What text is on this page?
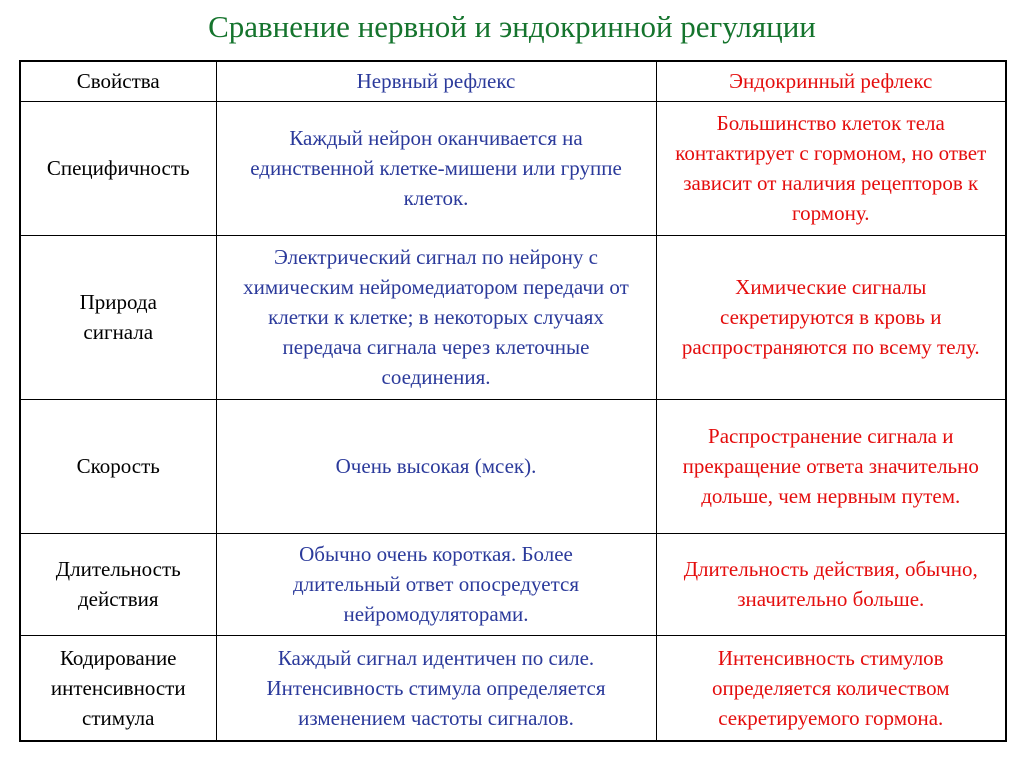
Сравнение нервной и эндокринной регуляции
Свойства	Нервный рефлекс	Эндокринный рефлекс
Специфичность	Каждый нейрон оканчивается на единственной клетке-мишени или группе клеток.	Большинство клеток тела контактирует с гормоном, но ответ зависит от наличия рецепторов к гормону.
Природа сигнала	Электрический сигнал по нейрону с химическим нейромедиатором передачи от клетки к клетке; в некоторых случаях передача сигнала через клеточные соединения.	Химические сигналы секретируются в кровь и распространяются по всему телу.
Скорость	Очень высокая (мсек).	Распространение сигнала и прекращение ответа значительно дольше, чем нервным путем.
Длительность действия	Обычно очень короткая. Более длительный ответ опосредуется нейромодуляторами.	Длительность действия, обычно, значительно больше.
Кодирование интенсивности стимула	Каждый сигнал идентичен по силе. Интенсивность стимула определяется изменением частоты сигналов.	Интенсивность стимулов определяется количеством секретируемого гормона.
